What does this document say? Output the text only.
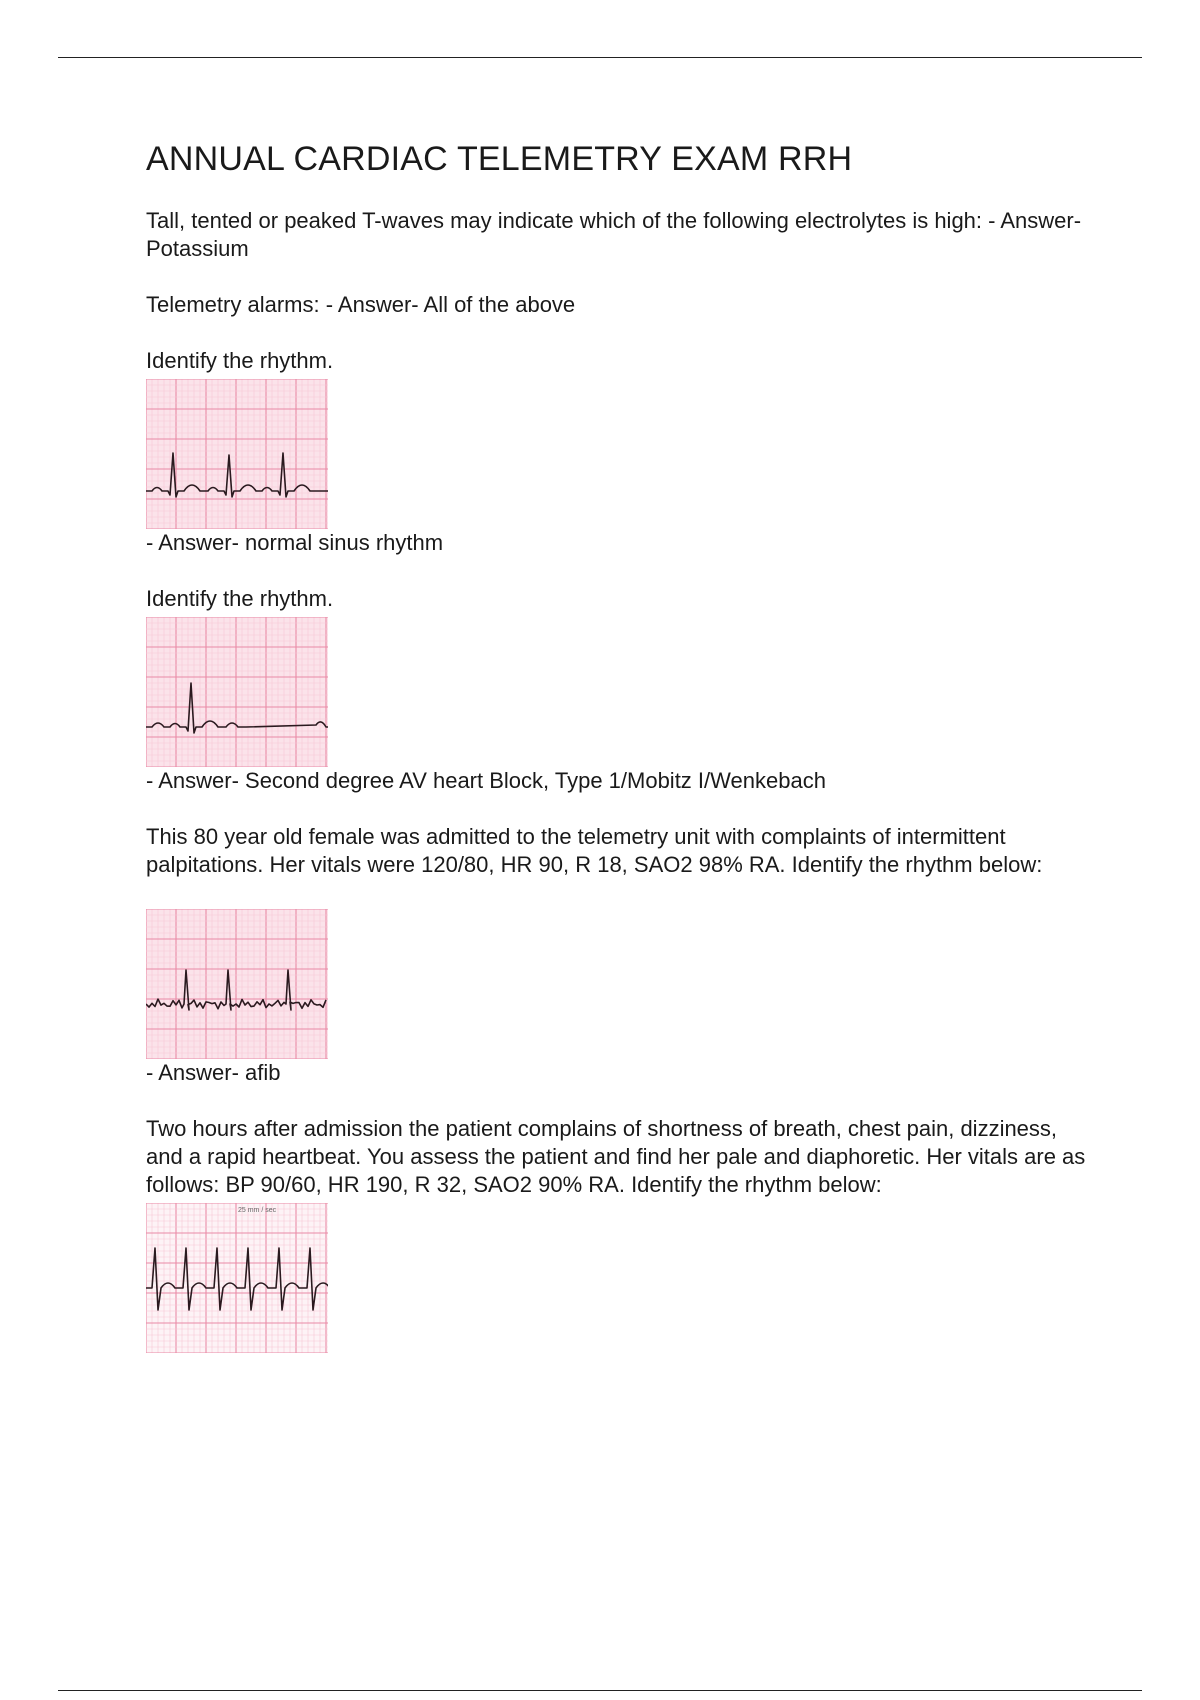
ANNUAL CARDIAC TELEMETRY EXAM RRH

Tall, tented or peaked T-waves may indicate which of the following electrolytes is high: - Answer- Potassium

Telemetry alarms: - Answer- All of the above

Identify the rhythm.

- Answer- normal sinus rhythm

Identify the rhythm.

- Answer- Second degree AV heart Block, Type 1/Mobitz I/Wenkebach

This 80 year old female was admitted to the telemetry unit with complaints of intermittent palpitations. Her vitals were 120/80, HR 90, R 18, SAO2 98% RA. Identify the rhythm below:

- Answer- afib

Two hours after admission the patient complains of shortness of breath, chest pain, dizziness, and a rapid heartbeat. You assess the patient and find her pale and diaphoretic. Her vitals are as follows: BP 90/60, HR 190, R 32, SAO2 90% RA. Identify the rhythm below:

25 mm / sec
